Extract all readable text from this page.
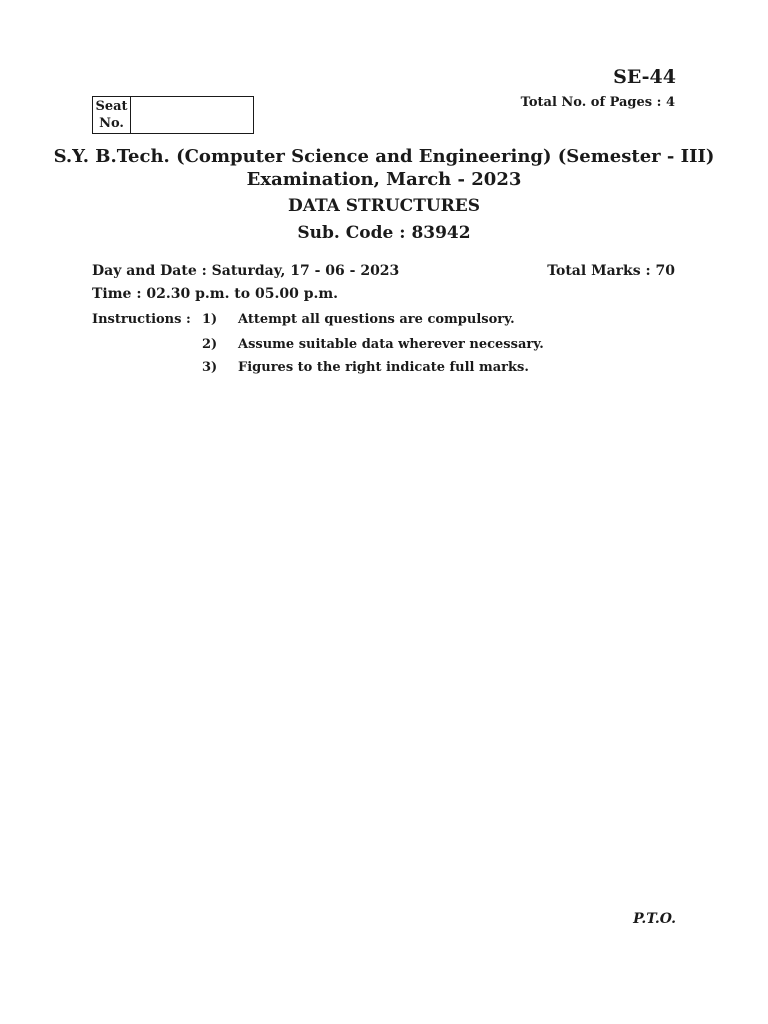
SE-44
Total No. of Pages : 4
Seat
No.
S.Y. B.Tech. (Computer Science and Engineering) (Semester - III)
Examination, March - 2023
DATA STRUCTURES
Sub. Code : 83942
Day and Date : Saturday, 17 - 06 - 2023	Total Marks : 70
Time : 02.30 p.m. to 05.00 p.m.
Instructions : 1) Attempt all questions are compulsory.
2) Assume suitable data wherever necessary.
3) Figures to the right indicate full marks.
P.T.O.
